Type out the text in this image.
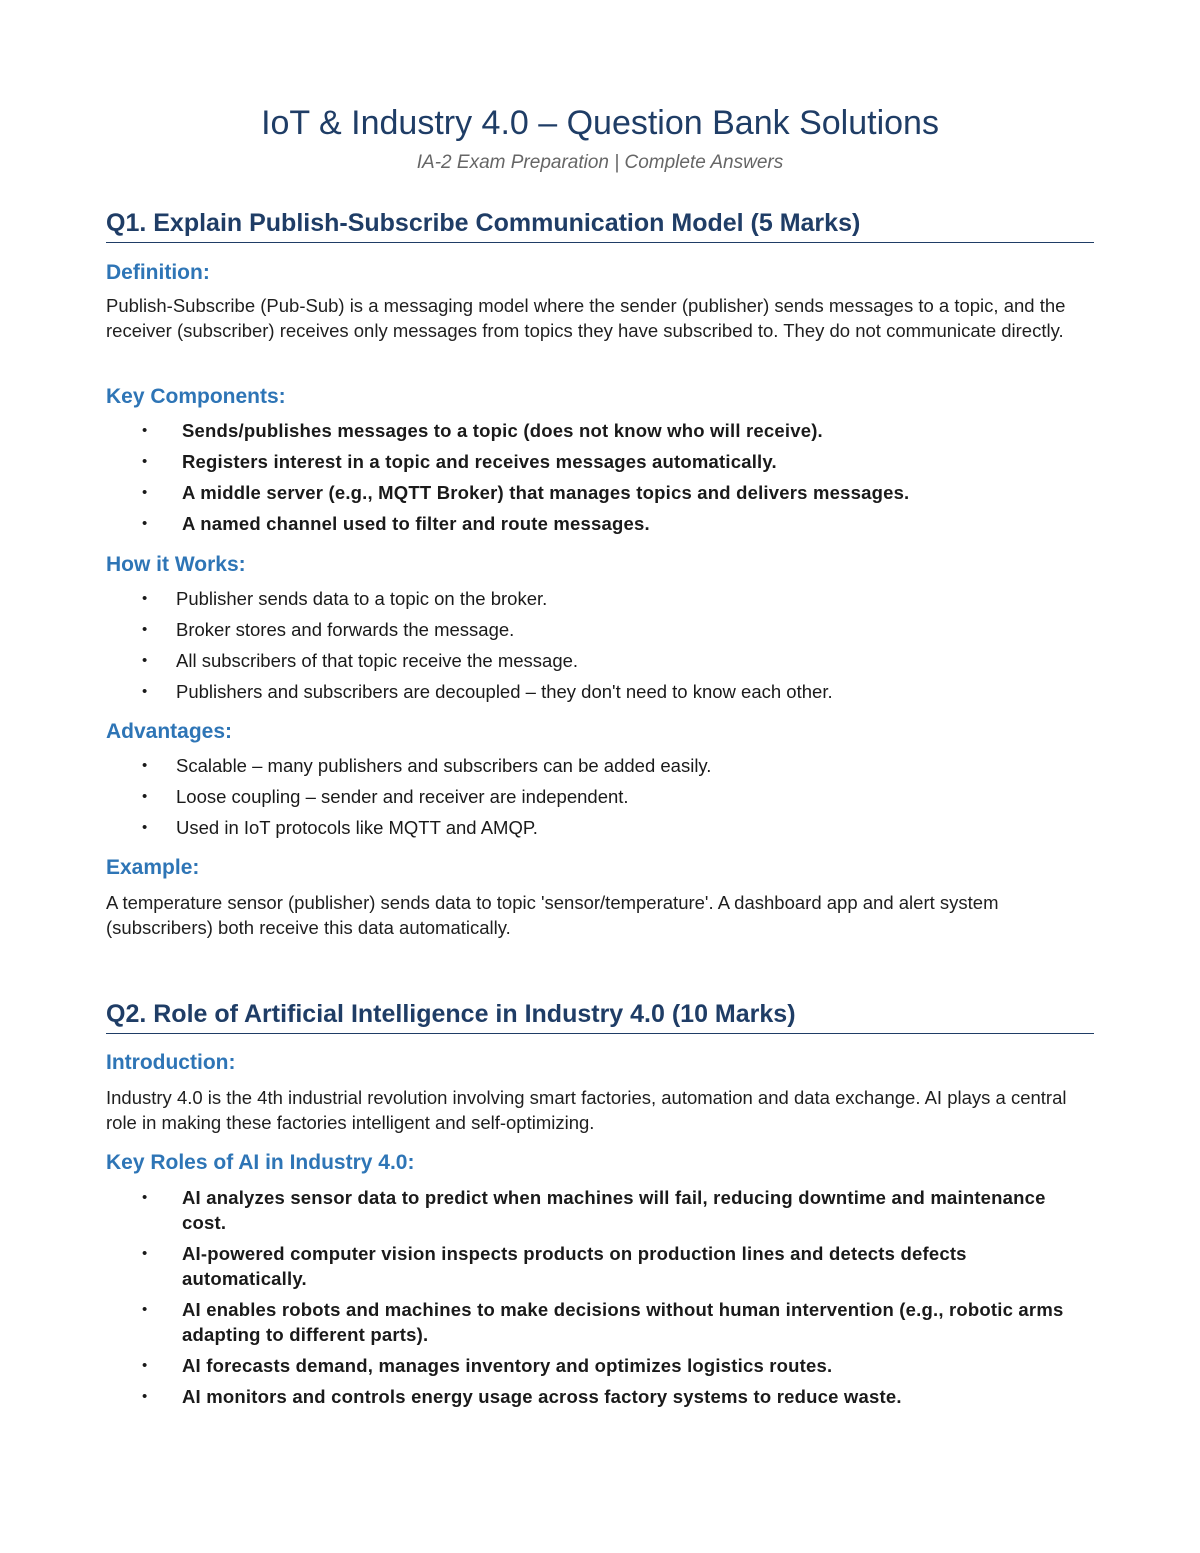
IoT & Industry 4.0 – Question Bank Solutions

IA-2 Exam Preparation | Complete Answers

Q1. Explain Publish-Subscribe Communication Model (5 Marks)
Definition:

Publish-Subscribe (Pub-Sub) is a messaging model where the sender (publisher) sends messages to a topic, and the receiver (subscriber) receives only messages from topics they have subscribed to. They do not communicate directly.

Key Components:
• Sends/publishes messages to a topic (does not know who will receive).
• Registers interest in a topic and receives messages automatically.
• A middle server (e.g., MQTT Broker) that manages topics and delivers messages.
• A named channel used to filter and route messages.
How it Works:
• Publisher sends data to a topic on the broker.
• Broker stores and forwards the message.
• All subscribers of that topic receive the message.
• Publishers and subscribers are decoupled – they don't need to know each other.
Advantages:
• Scalable – many publishers and subscribers can be added easily.
• Loose coupling – sender and receiver are independent.
• Used in IoT protocols like MQTT and AMQP.
Example:

A temperature sensor (publisher) sends data to topic 'sensor/temperature'. A dashboard app and alert system (subscribers) both receive this data automatically.

Q2. Role of Artificial Intelligence in Industry 4.0 (10 Marks)
Introduction:

Industry 4.0 is the 4th industrial revolution involving smart factories, automation and data exchange. AI plays a central role in making these factories intelligent and self-optimizing.

Key Roles of AI in Industry 4.0:
• AI analyzes sensor data to predict when machines will fail, reducing downtime and maintenance cost.
• AI-powered computer vision inspects products on production lines and detects defects automatically.
• AI enables robots and machines to make decisions without human intervention (e.g., robotic arms adapting to different parts).
• AI forecasts demand, manages inventory and optimizes logistics routes.
• AI monitors and controls energy usage across factory systems to reduce waste.
